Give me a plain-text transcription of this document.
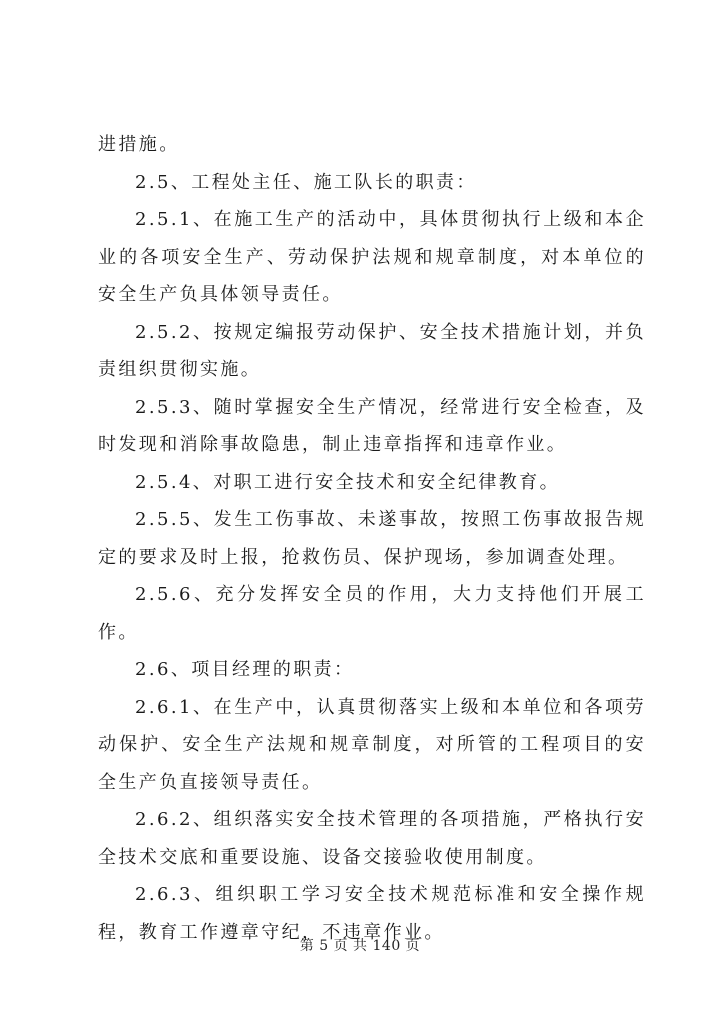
进措施。

2.5、工程处主任、施工队长的职责：

2.5.1、在施工生产的活动中，具体贯彻执行上级和本企业的各项安全生产、劳动保护法规和规章制度，对本单位的安全生产负具体领导责任。

2.5.2、按规定编报劳动保护、安全技术措施计划，并负责组织贯彻实施。

2.5.3、随时掌握安全生产情况，经常进行安全检查，及时发现和消除事故隐患，制止违章指挥和违章作业。

2.5.4、对职工进行安全技术和安全纪律教育。

2.5.5、发生工伤事故、未遂事故，按照工伤事故报告规定的要求及时上报，抢救伤员、保护现场，参加调查处理。

2.5.6、充分发挥安全员的作用，大力支持他们开展工作。

2.6、项目经理的职责：

2.6.1、在生产中，认真贯彻落实上级和本单位和各项劳动保护、安全生产法规和规章制度，对所管的工程项目的安全生产负直接领导责任。

2.6.2、组织落实安全技术管理的各项措施，严格执行安全技术交底和重要设施、设备交接验收使用制度。

2.6.3、组织职工学习安全技术规范标准和安全操作规程，教育工作遵章守纪，不违章作业。

第 5 页 共 140 页
